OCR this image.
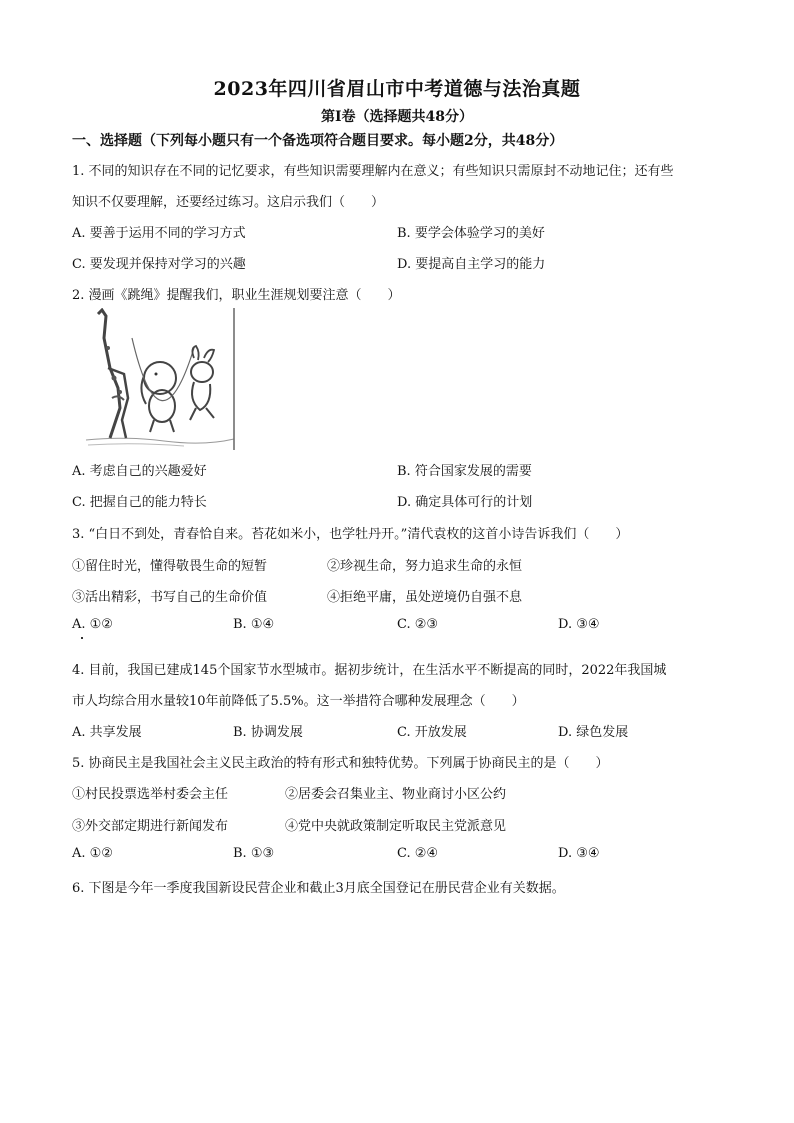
2023年四川省眉山市中考道德与法治真题
第Ⅰ卷（选择题共48分）
一、选择题（下列每小题只有一个备选项符合题目要求。每小题2分，共48分）
1. 不同的知识存在不同的记忆要求，有些知识需要理解内在意义；有些知识只需原封不动地记住；还有些
知识不仅要理解，还要经过练习。这启示我们（　　）
A. 要善于运用不同的学习方式	B. 要学会体验学习的美好
C. 要发现并保持对学习的兴趣	D. 要提高自主学习的能力
2. 漫画《跳绳》提醒我们，职业生涯规划要注意（　　）
A. 考虑自己的兴趣爱好	B. 符合国家发展的需要
C. 把握自己的能力特长	D. 确定具体可行的计划
3. “白日不到处，青春恰自来。苔花如米小，也学牡丹开。”清代袁枚的这首小诗告诉我们（　　）
①留住时光，懂得敬畏生命的短暂	②珍视生命，努力追求生命的永恒
③活出精彩，书写自己的生命价值	④拒绝平庸，虽处逆境仍自强不息
A. ①②	B. ①④	C. ②③	D. ③④
4. 目前，我国已建成145个国家节水型城市。据初步统计，在生活水平不断提高的同时，2022年我国城
市人均综合用水量较10年前降低了5.5%。这一举措符合哪种发展理念（　　）
A. 共享发展	B. 协调发展	C. 开放发展	D. 绿色发展
5. 协商民主是我国社会主义民主政治的特有形式和独特优势。下列属于协商民主的是（　　）
①村民投票选举村委会主任	②居委会召集业主、物业商讨小区公约
③外交部定期进行新闻发布	④党中央就政策制定听取民主党派意见
A. ①②	B. ①③	C. ②④	D. ③④
6. 下图是今年一季度我国新设民营企业和截止3月底全国登记在册民营企业有关数据。
